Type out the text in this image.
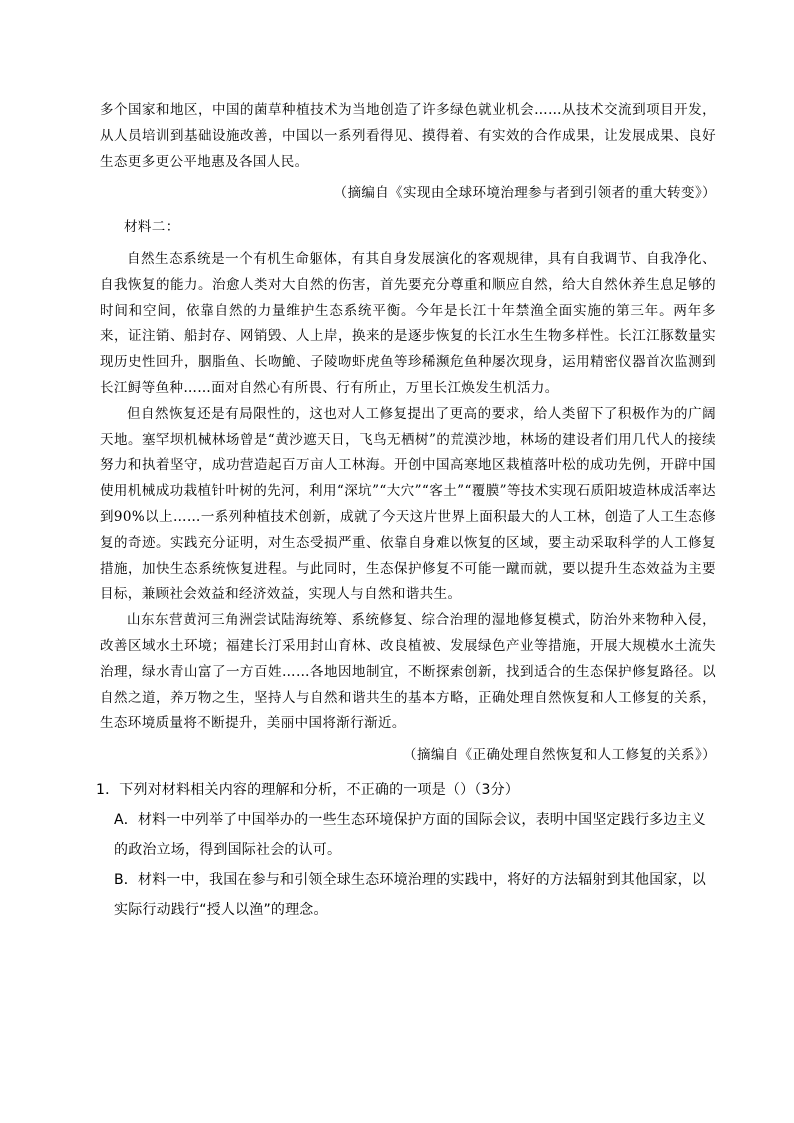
多个国家和地区，中国的菌草种植技术为当地创造了许多绿色就业机会……从技术交流到项目开发，从人员培训到基础设施改善，中国以一系列看得见、摸得着、有实效的合作成果，让发展成果、良好生态更多更公平地惠及各国人民。

（摘编自《实现由全球环境治理参与者到引领者的重大转变》）

材料二：

自然生态系统是一个有机生命躯体，有其自身发展演化的客观规律，具有自我调节、自我净化、自我恢复的能力。治愈人类对大自然的伤害，首先要充分尊重和顺应自然，给大自然休养生息足够的时间和空间，依靠自然的力量维护生态系统平衡。今年是长江十年禁渔全面实施的第三年。两年多来，证注销、船封存、网销毁、人上岸，换来的是逐步恢复的长江水生生物多样性。长江江豚数量实现历史性回升，胭脂鱼、长吻鮠、子陵吻虾虎鱼等珍稀濒危鱼种屡次现身，运用精密仪器首次监测到长江鲟等鱼种……面对自然心有所畏、行有所止，万里长江焕发生机活力。

但自然恢复还是有局限性的，这也对人工修复提出了更高的要求，给人类留下了积极作为的广阔天地。塞罕坝机械林场曾是“黄沙遮天日，飞鸟无栖树”的荒漠沙地，林场的建设者们用几代人的接续努力和执着坚守，成功营造起百万亩人工林海。开创中国高寒地区栽植落叶松的成功先例，开辟中国使用机械成功栽植针叶树的先河，利用“深坑”“大穴”“客土”“覆膜”等技术实现石质阳坡造林成活率达到90%以上……一系列种植技术创新，成就了今天这片世界上面积最大的人工林，创造了人工生态修复的奇迹。实践充分证明，对生态受损严重、依靠自身难以恢复的区域，要主动采取科学的人工修复措施，加快生态系统恢复进程。与此同时，生态保护修复不可能一蹴而就，要以提升生态效益为主要目标，兼顾社会效益和经济效益，实现人与自然和谐共生。

山东东营黄河三角洲尝试陆海统筹、系统修复、综合治理的湿地修复模式，防治外来物种入侵，改善区域水土环境；福建长汀采用封山育林、改良植被、发展绿色产业等措施，开展大规模水土流失治理，绿水青山富了一方百姓……各地因地制宜，不断探索创新，找到适合的生态保护修复路径。以自然之道，养万物之生，坚持人与自然和谐共生的基本方略，正确处理自然恢复和人工修复的关系，生态环境质量将不断提升，美丽中国将渐行渐近。

（摘编自《正确处理自然恢复和人工修复的关系》）

1．下列对材料相关内容的理解和分析，不正确的一项是（）（3分）

A．材料一中列举了中国举办的一些生态环境保护方面的国际会议，表明中国坚定践行多边主义的政治立场，得到国际社会的认可。

B．材料一中，我国在参与和引领全球生态环境治理的实践中，将好的方法辐射到其他国家，以实际行动践行“授人以渔”的理念。
